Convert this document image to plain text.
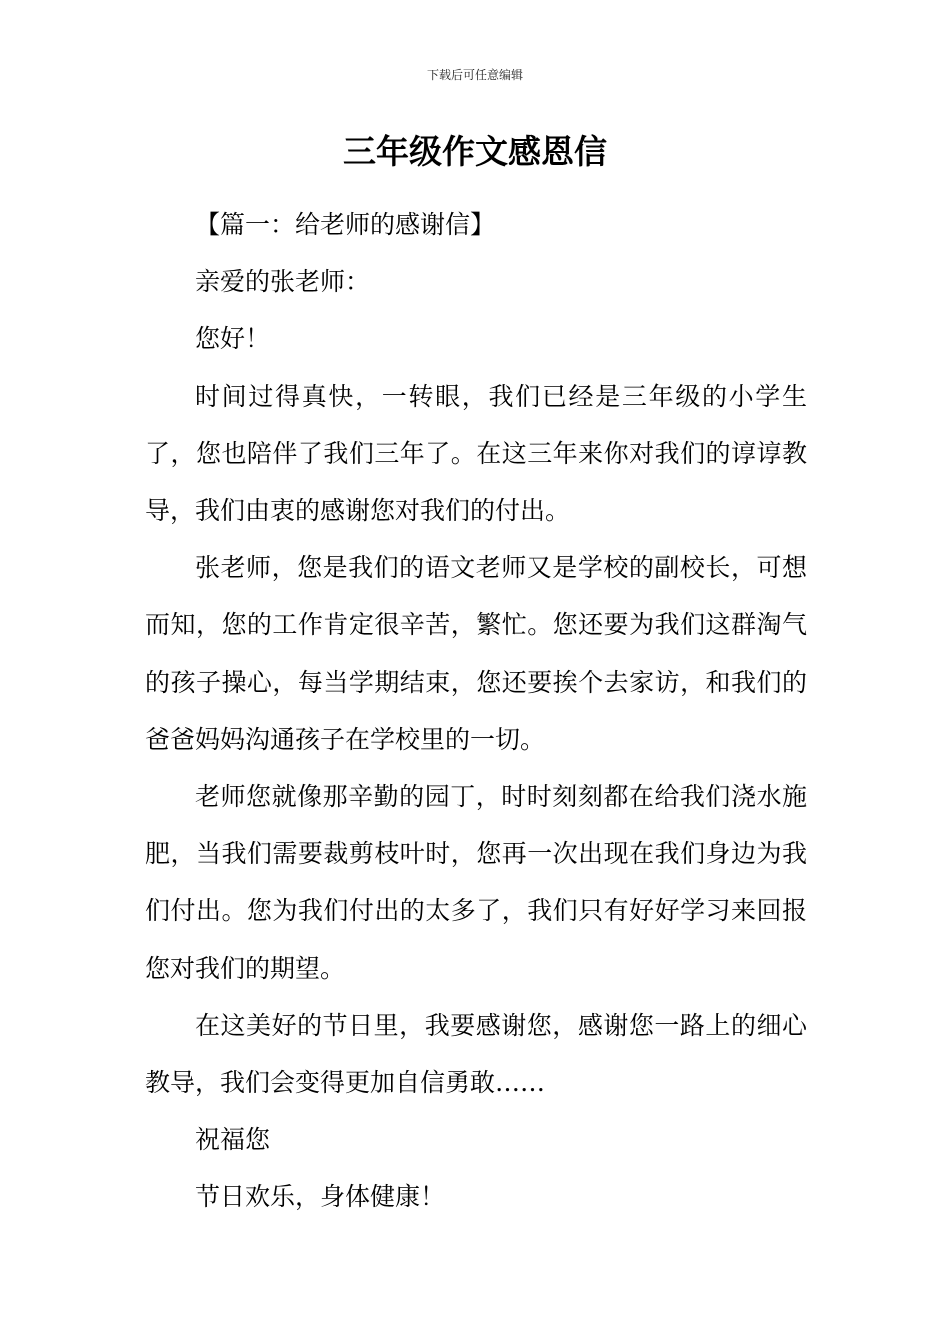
下载后可任意编辑
三年级作文感恩信

【篇一：给老师的感谢信】

亲爱的张老师：

您好！

时间过得真快，一转眼，我们已经是三年级的小学生了，您也陪伴了我们三年了。在这三年来你对我们的谆谆教导，我们由衷的感谢您对我们的付出。

张老师，您是我们的语文老师又是学校的副校长，可想而知，您的工作肯定很辛苦，繁忙。您还要为我们这群淘气的孩子操心，每当学期结束，您还要挨个去家访，和我们的爸爸妈妈沟通孩子在学校里的一切。

老师您就像那辛勤的园丁，时时刻刻都在给我们浇水施肥，当我们需要裁剪枝叶时，您再一次出现在我们身边为我们付出。您为我们付出的太多了，我们只有好好学习来回报您对我们的期望。

在这美好的节日里，我要感谢您，感谢您一路上的细心教导，我们会变得更加自信勇敢……

祝福您

节日欢乐，身体健康！
